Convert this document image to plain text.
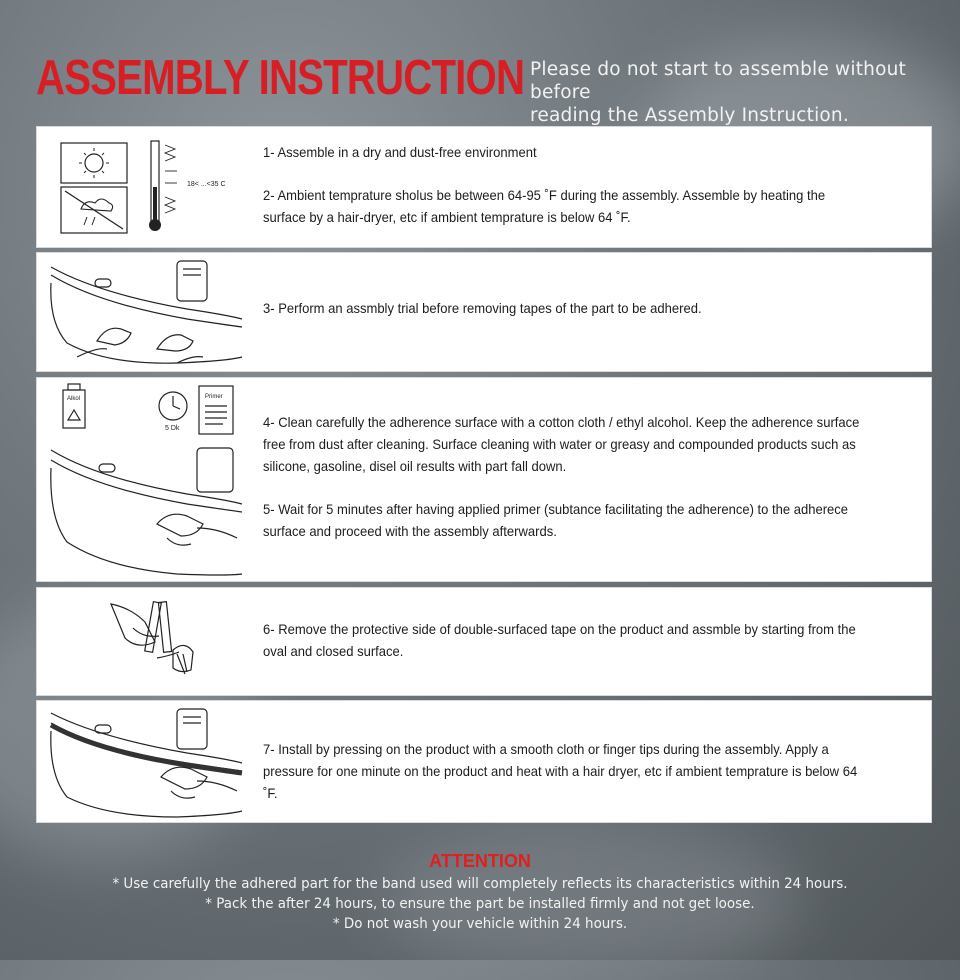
ASSEMBLY INSTRUCTION Please do not start to assemble without before
reading the Assembly Instruction.
18< ...<35 C

1- Assemble in a dry and dust-free environment

2- Ambient temprature sholus be between 64-95 ˚F during the assembly. Assemble by heating the surface by a hair-dryer, etc if ambient temprature is below 64 ˚F.

3- Perform an assmbly trial before removing tapes of the part to be adhered.

Alkol
5 Dk
Primer

4- Clean carefully the adherence surface with a cotton cloth / ethyl alcohol. Keep the adherence surface free from dust after cleaning. Surface cleaning with water or greasy and compounded products such as silicone, gasoline, disel oil results with part fall down.

5- Wait for 5 minutes after having applied primer (subtance facilitating the adherence) to the adherece surface and proceed with the assembly afterwards.

6- Remove the protective side of double-surfaced tape on the product and assmble by starting from the oval and closed surface.

7- Install by pressing on the product with a smooth cloth or finger tips during the assembly. Apply a pressure for one minute on the product and heat with a hair dryer, etc if ambient temprature is below 64 ˚F.

ATTENTION
* Use carefully the adhered part for the band used will completely reflects its characteristics within 24 hours.
* Pack the after 24 hours, to ensure the part be installed firmly and not get loose.
* Do not wash your vehicle within 24 hours.
